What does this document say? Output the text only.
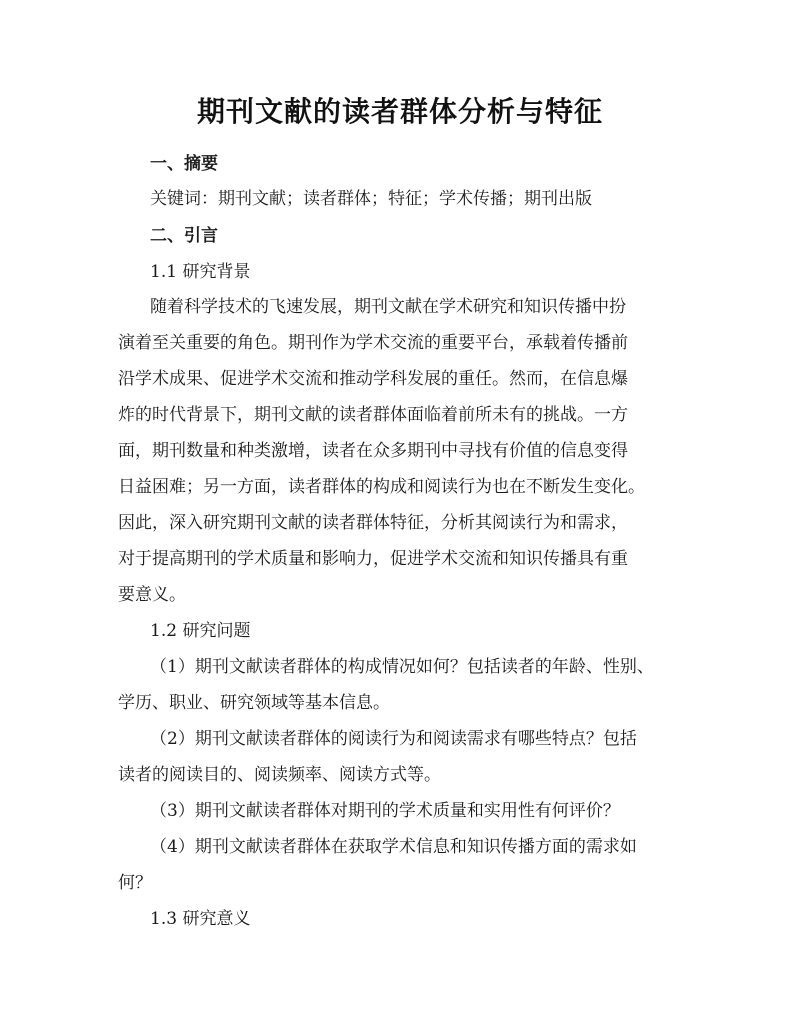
期刊文献的读者群体分析与特征
一、摘要
关键词：期刊文献；读者群体；特征；学术传播；期刊出版
二、引言
1.1 研究背景
随着科学技术的飞速发展，期刊文献在学术研究和知识传播中扮
演着至关重要的角色。期刊作为学术交流的重要平台，承载着传播前
沿学术成果、促进学术交流和推动学科发展的重任。然而，在信息爆
炸的时代背景下，期刊文献的读者群体面临着前所未有的挑战。一方
面，期刊数量和种类激增，读者在众多期刊中寻找有价值的信息变得
日益困难；另一方面，读者群体的构成和阅读行为也在不断发生变化。
因此，深入研究期刊文献的读者群体特征，分析其阅读行为和需求，
对于提高期刊的学术质量和影响力，促进学术交流和知识传播具有重
要意义。
1.2 研究问题
（1）期刊文献读者群体的构成情况如何？包括读者的年龄、性别、
学历、职业、研究领域等基本信息。
（2）期刊文献读者群体的阅读行为和阅读需求有哪些特点？包括
读者的阅读目的、阅读频率、阅读方式等。
（3）期刊文献读者群体对期刊的学术质量和实用性有何评价？
（4）期刊文献读者群体在获取学术信息和知识传播方面的需求如
何？
1.3 研究意义
